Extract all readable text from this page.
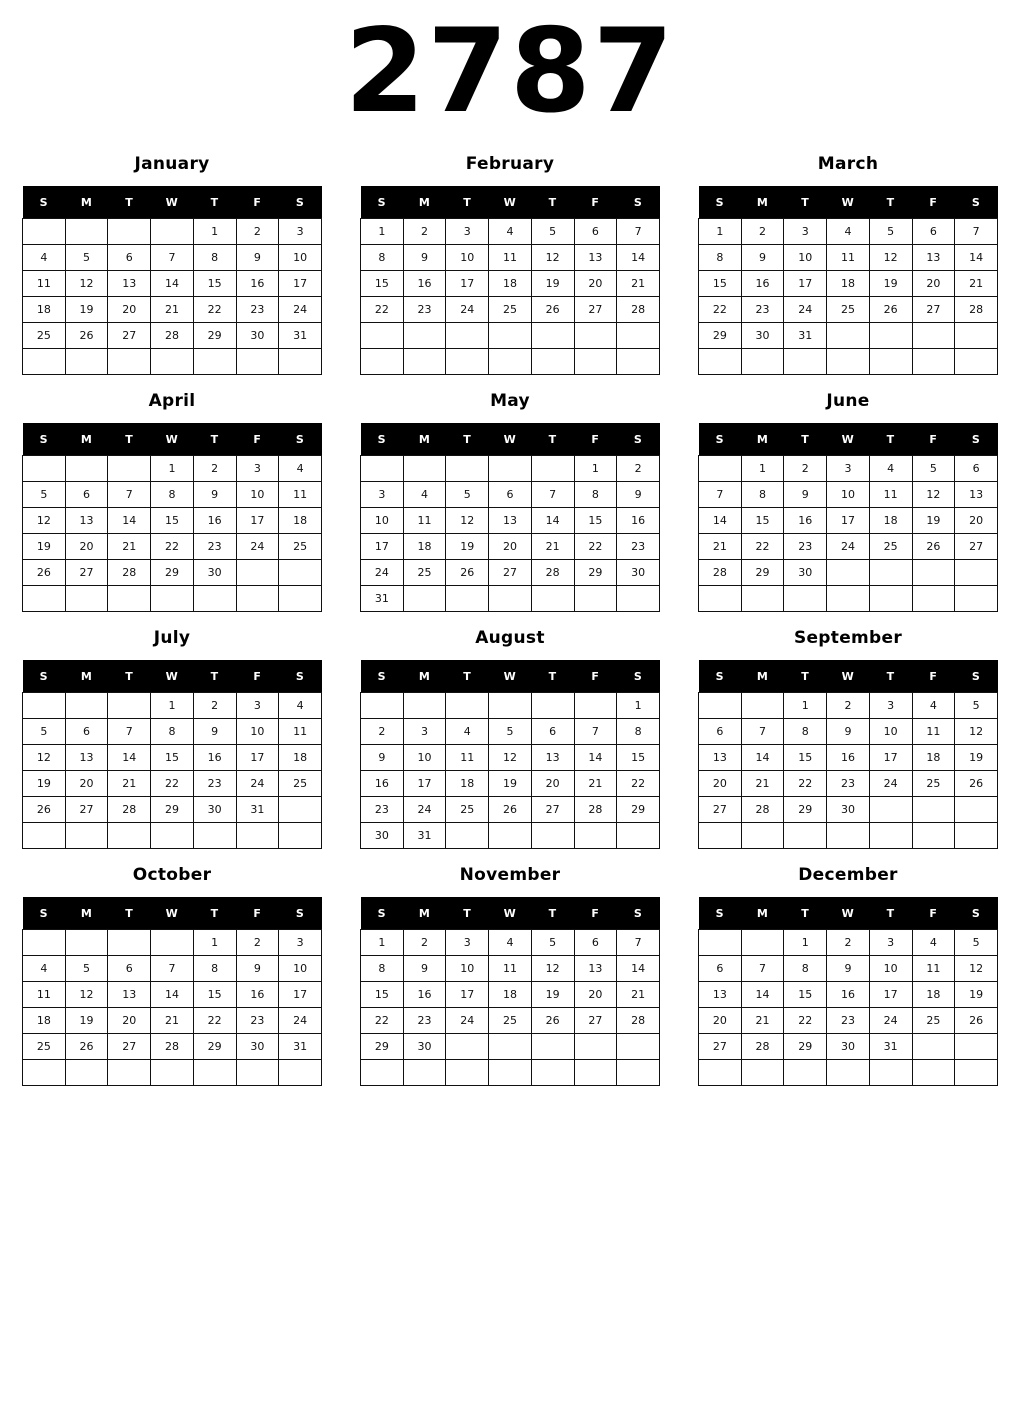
2787
January
S	M	T	W	T	F	S
				1	2	3
4	5	6	7	8	9	10
11	12	13	14	15	16	17
18	19	20	21	22	23	24
25	26	27	28	29	30	31

February
S	M	T	W	T	F	S
1	2	3	4	5	6	7
8	9	10	11	12	13	14
15	16	17	18	19	20	21
22	23	24	25	26	27	28

March
S	M	T	W	T	F	S
1	2	3	4	5	6	7
8	9	10	11	12	13	14
15	16	17	18	19	20	21
22	23	24	25	26	27	28
29	30	31				

April
S	M	T	W	T	F	S
			1	2	3	4
5	6	7	8	9	10	11
12	13	14	15	16	17	18
19	20	21	22	23	24	25
26	27	28	29	30		

May
S	M	T	W	T	F	S
					1	2
3	4	5	6	7	8	9
10	11	12	13	14	15	16
17	18	19	20	21	22	23
24	25	26	27	28	29	30
31						
June
S	M	T	W	T	F	S
	1	2	3	4	5	6
7	8	9	10	11	12	13
14	15	16	17	18	19	20
21	22	23	24	25	26	27
28	29	30				

July
S	M	T	W	T	F	S
			1	2	3	4
5	6	7	8	9	10	11
12	13	14	15	16	17	18
19	20	21	22	23	24	25
26	27	28	29	30	31	

August
S	M	T	W	T	F	S
						1
2	3	4	5	6	7	8
9	10	11	12	13	14	15
16	17	18	19	20	21	22
23	24	25	26	27	28	29
30	31					
September
S	M	T	W	T	F	S
		1	2	3	4	5
6	7	8	9	10	11	12
13	14	15	16	17	18	19
20	21	22	23	24	25	26
27	28	29	30			

October
S	M	T	W	T	F	S
				1	2	3
4	5	6	7	8	9	10
11	12	13	14	15	16	17
18	19	20	21	22	23	24
25	26	27	28	29	30	31

November
S	M	T	W	T	F	S
1	2	3	4	5	6	7
8	9	10	11	12	13	14
15	16	17	18	19	20	21
22	23	24	25	26	27	28
29	30					

December
S	M	T	W	T	F	S
		1	2	3	4	5
6	7	8	9	10	11	12
13	14	15	16	17	18	19
20	21	22	23	24	25	26
27	28	29	30	31		
